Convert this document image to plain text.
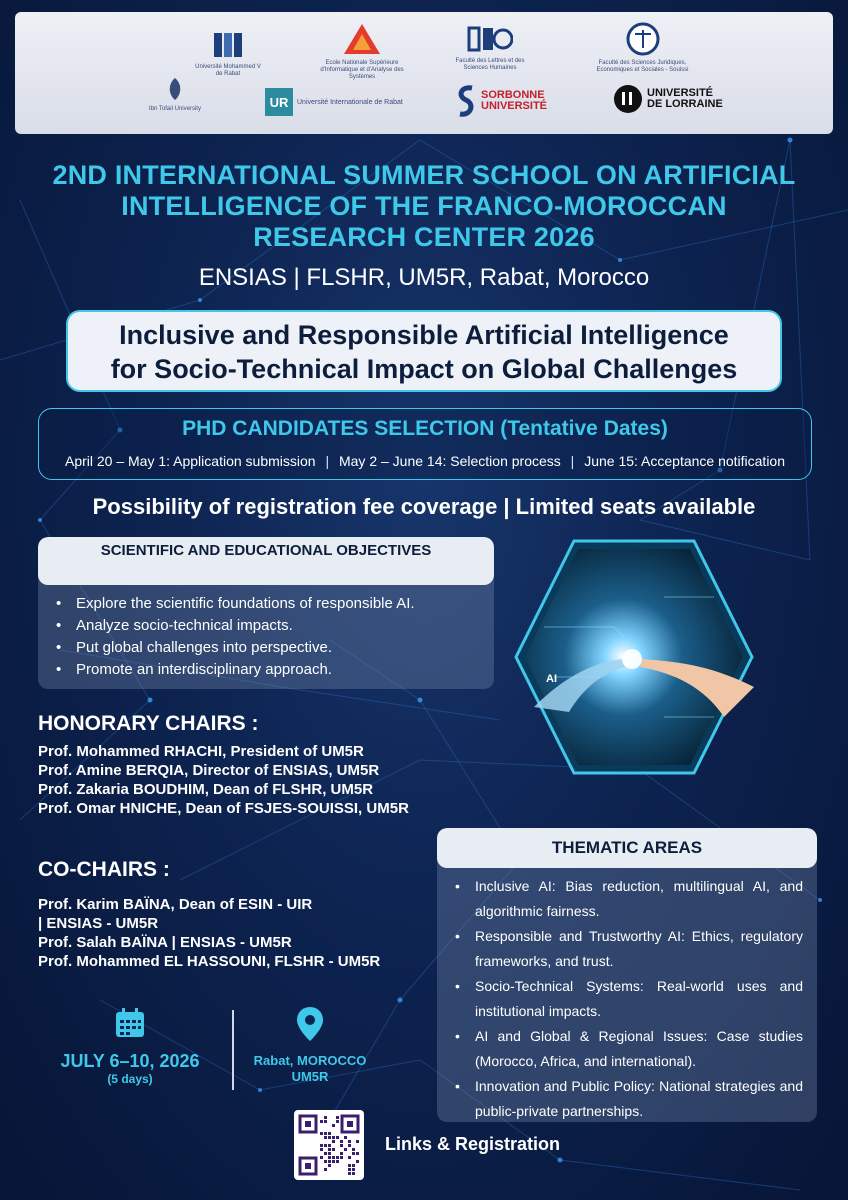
Université Mohammed V de Rabat
Ecole Nationale Supérieure d'Informatique et d'Analyse des Systèmes
Faculté des Lettres et des Sciences Humaines
Faculté des Sciences Juridiques, Economiques et Sociales - Souissi
Ibn Tofail University	UR	Université Internationale de Rabat
SORBONNE UNIVERSITÉ
UNIVERSITÉ
DE LORRAINE
2ND INTERNATIONAL SUMMER SCHOOL ON ARTIFICIAL
INTELLIGENCE OF THE FRANCO-MOROCCAN
RESEARCH CENTER 2026
ENSIAS | FLSHR, UM5R, Rabat, Morocco
Inclusive and Responsible Artificial Intelligence
for Socio-Technical Impact on Global Challenges
PHD CANDIDATES SELECTION (Tentative Dates)
April 20 – May 1: Application submission | May 2 – June 14: Selection process | June 15: Acceptance notification
Possibility of registration fee coverage | Limited seats available
SCIENTIFIC AND EDUCATIONAL OBJECTIVES
• Explore the scientific foundations of responsible AI.
• Analyze socio-technical impacts.
• Put global challenges into perspective.
• Promote an interdisciplinary approach.
AI
HONORARY CHAIRS :
Prof. Mohammed RHACHI, President of UM5R
Prof. Amine BERQIA, Director of ENSIAS, UM5R
Prof. Zakaria BOUDHIM, Dean of FLSHR, UM5R
Prof. Omar HNICHE, Dean of FSJES-SOUISSI, UM5R
CO-CHAIRS :
Prof. Karim BAÏNA, Dean of ESIN - UIR
| ENSIAS - UM5R
Prof. Salah BAÏNA | ENSIAS - UM5R
Prof. Mohammed EL HASSOUNI, FLSHR - UM5R
THEMATIC AREAS
• Inclusive AI: Bias reduction, multilingual AI, and algorithmic fairness.
• Responsible and Trustworthy AI: Ethics, regulatory frameworks, and trust.
• Socio-Technical Systems: Real-world uses and institutional impacts.
• AI and Global & Regional Issues: Case studies (Morocco, Africa, and international).
• Innovation and Public Policy: National strategies and public-private partnerships.
JULY 6–10, 2026
(5 days)
Rabat, MOROCCO
UM5R
Links & Registration
